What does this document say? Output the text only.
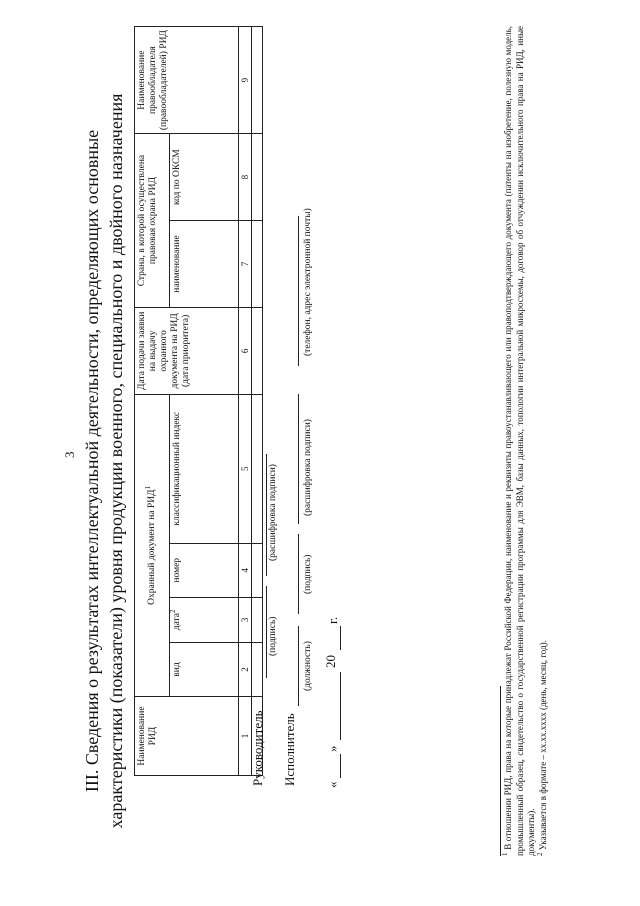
3 III. Сведения о результатах интеллектуальной деятельности, определяющих основные характеристики (показатели) уровня продукции военного, специального и двойного назначения Наименование РИД	Охранный документ на РИД$^1$				Дата подачи заявки на выдачу охранного документа на РИД (дата приоритета)	Страна, в которой осуществлена правовая охрана РИД		Наименование правообладателя (правообладателей) РИД
	вид	дата$^2$	номер	классификационный индекс		наименование	код по ОКСМ	
1	2	3	4	5	6	7	8	9

Руководитель
(подпись)
(расшифровка подписи)
Исполнитель
(должность)
(подпись)
(расшифровка подписи)
(телефон, адрес электронной почты)
«
»
20
г.

$^1$ В отношении РИД, права на которые принадлежат Российской Федерации, наименование и реквизиты правоустанавливающего или правоподтверждающего документа (патенты на изобретение, полезную модель, промышленный образец, свидетельство о государственной регистрации программы для ЭВМ, базы данных, топологии интегральной микросхемы, договор об отчуждении исключительного права на РИД, иные документы). $^2$ Указывается в формате – хх.хх.хххх (день, месяц, год).
